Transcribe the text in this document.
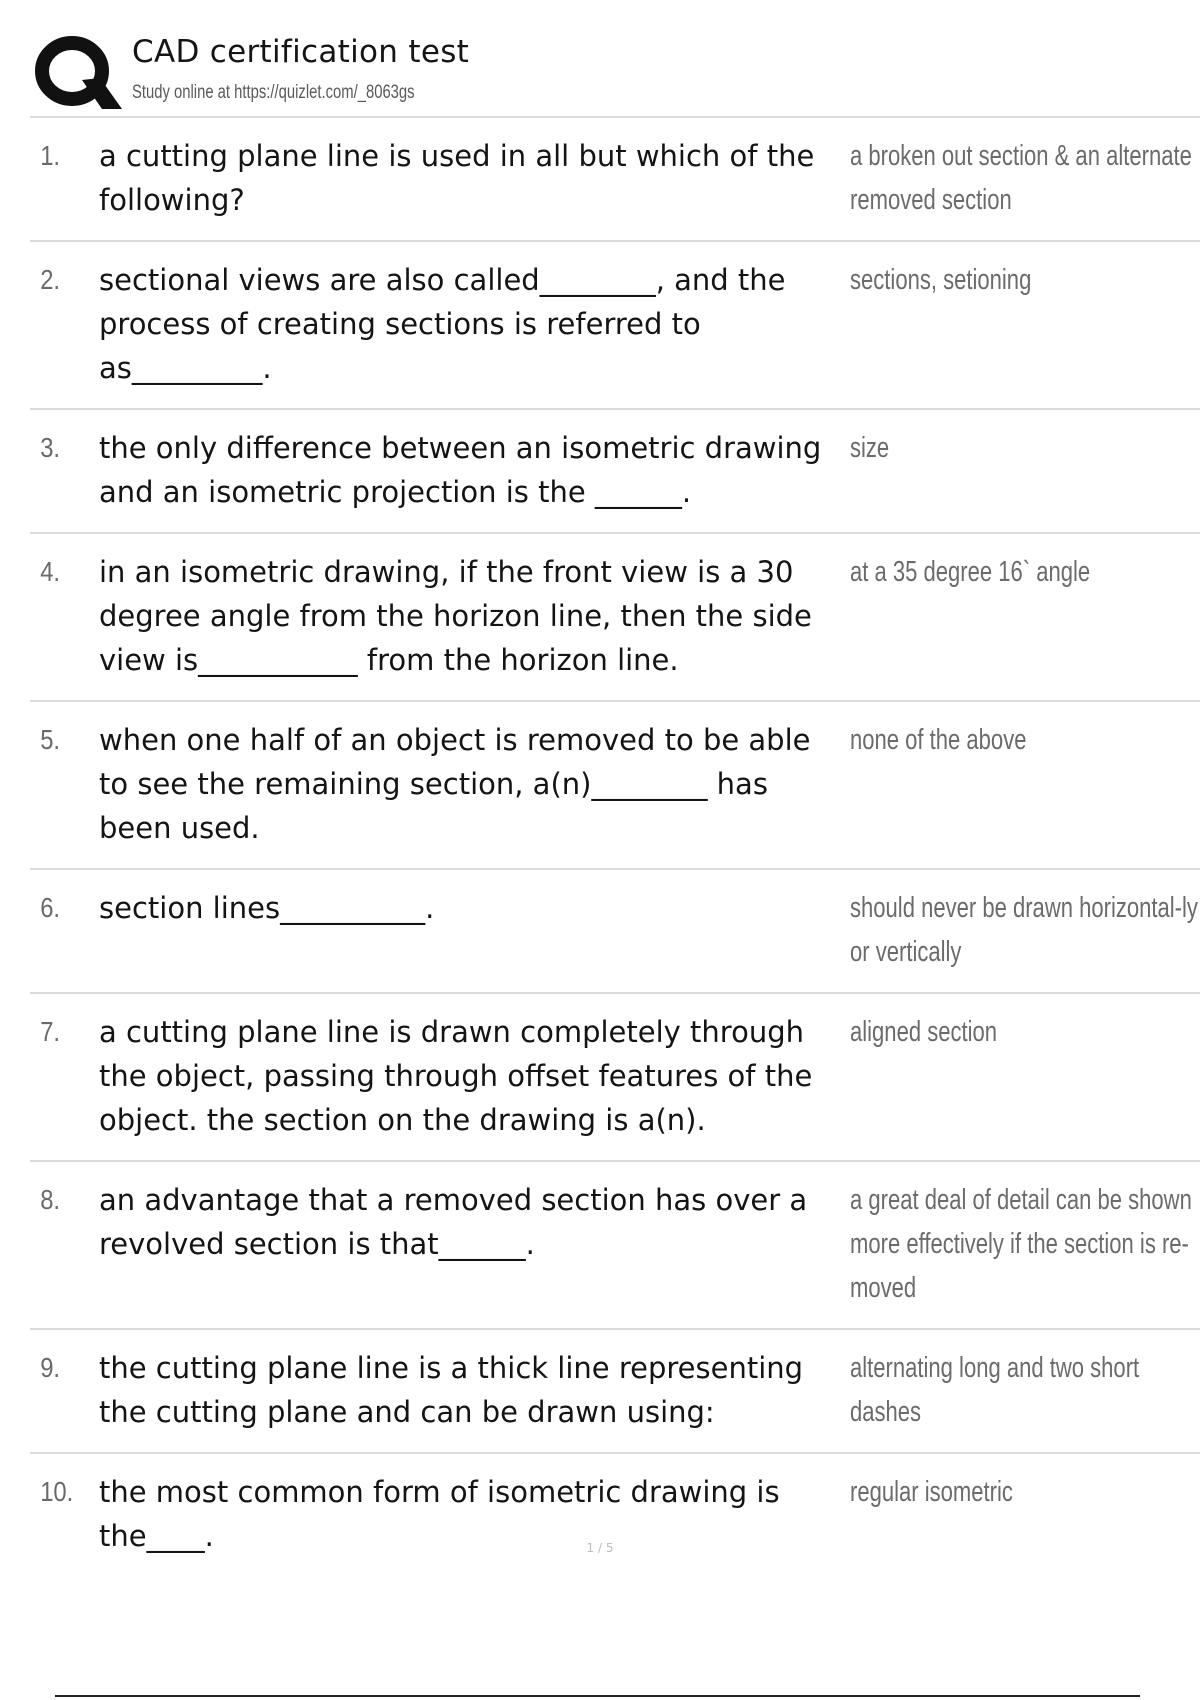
CAD certification test
Study online at https://quizlet.com/_8063gs
1.	a cutting plane line is used in all but which of the following?
a broken out section & an alternate removed section
2.	sectional views are also called________, and the process of creating sections is referred to as_________.
sections, setioning
3.	the only difference between an isometric drawing and an isometric projection is the ______.
size
4.	in an isometric drawing, if the front view is a 30 degree angle from the horizon line, then the side view is___________ from the horizon line.
at a 35 degree 16` angle
5.	when one half of an object is removed to be able to see the remaining section, a(n)________ has been used.
none of the above
6.	section lines__________.	should never be drawn horizontal-ly or vertically
7.	a cutting plane line is drawn completely through the object, passing through offset features of the object. the section on the drawing is a(n).
aligned section
8.	an advantage that a removed section has over a revolved section is that______.
a great deal of detail can be shown more effectively if the section is re-moved
9.	the cutting plane line is a thick line representing the cutting plane and can be drawn using:
alternating long and two short dashes
10. the most common form of isometric drawing is the____.
regular isometric
1 / 5
